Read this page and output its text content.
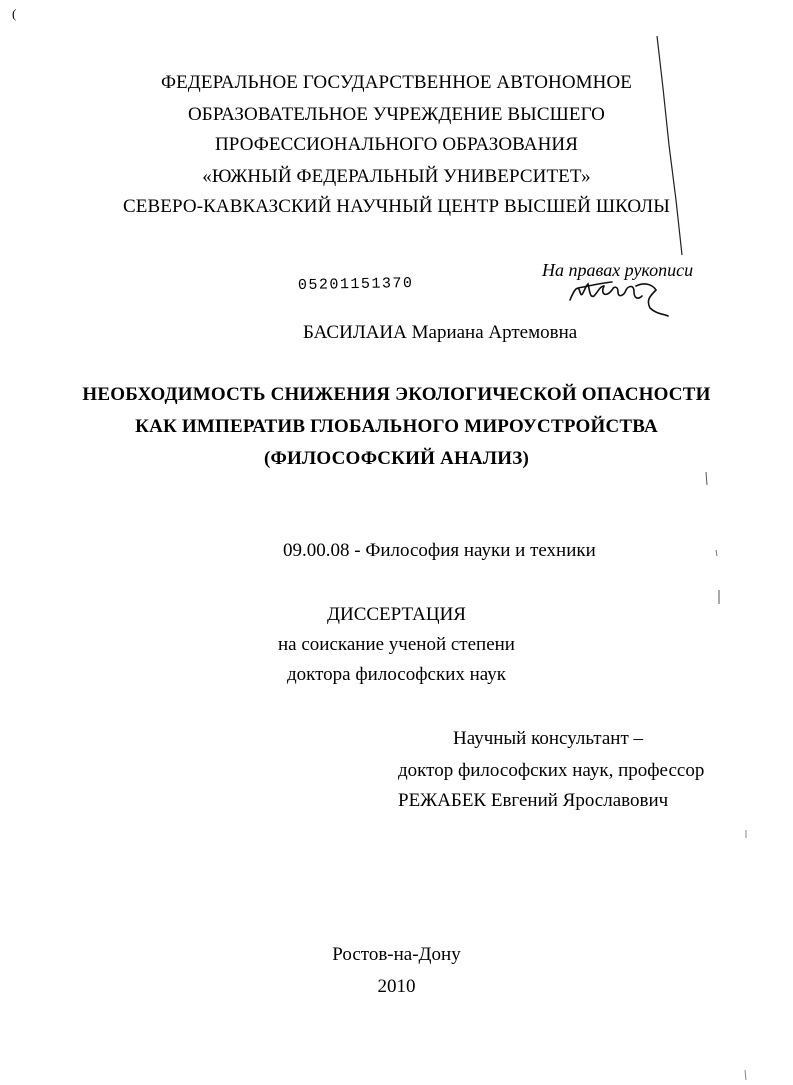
(
ФЕДЕРАЛЬНОЕ ГОСУДАРСТВЕННОЕ АВТОНОМНОЕ
ОБРАЗОВАТЕЛЬНОЕ УЧРЕЖДЕНИЕ ВЫСШЕГО
ПРОФЕССИОНАЛЬНОГО ОБРАЗОВАНИЯ
«ЮЖНЫЙ ФЕДЕРАЛЬНЫЙ УНИВЕРСИТЕТ»
СЕВЕРО-КАВКАЗСКИЙ НАУЧНЫЙ ЦЕНТР ВЫСШЕЙ ШКОЛЫ
05201151370
На правах рукописи
БАСИЛАИА Мариана Артемовна
НЕОБХОДИМОСТЬ СНИЖЕНИЯ ЭКОЛОГИЧЕСКОЙ ОПАСНОСТИ
КАК ИМПЕРАТИВ ГЛОБАЛЬНОГО МИРОУСТРОЙСТВА
(ФИЛОСОФСКИЙ АНАЛИЗ)
09.00.08 - Философия науки и техники
ДИССЕРТАЦИЯ
на соискание ученой степени
доктора философских наук
Научный консультант –
доктор философских наук, профессор
РЕЖАБЕК Евгений Ярославович
Ростов-на-Дону
2010
